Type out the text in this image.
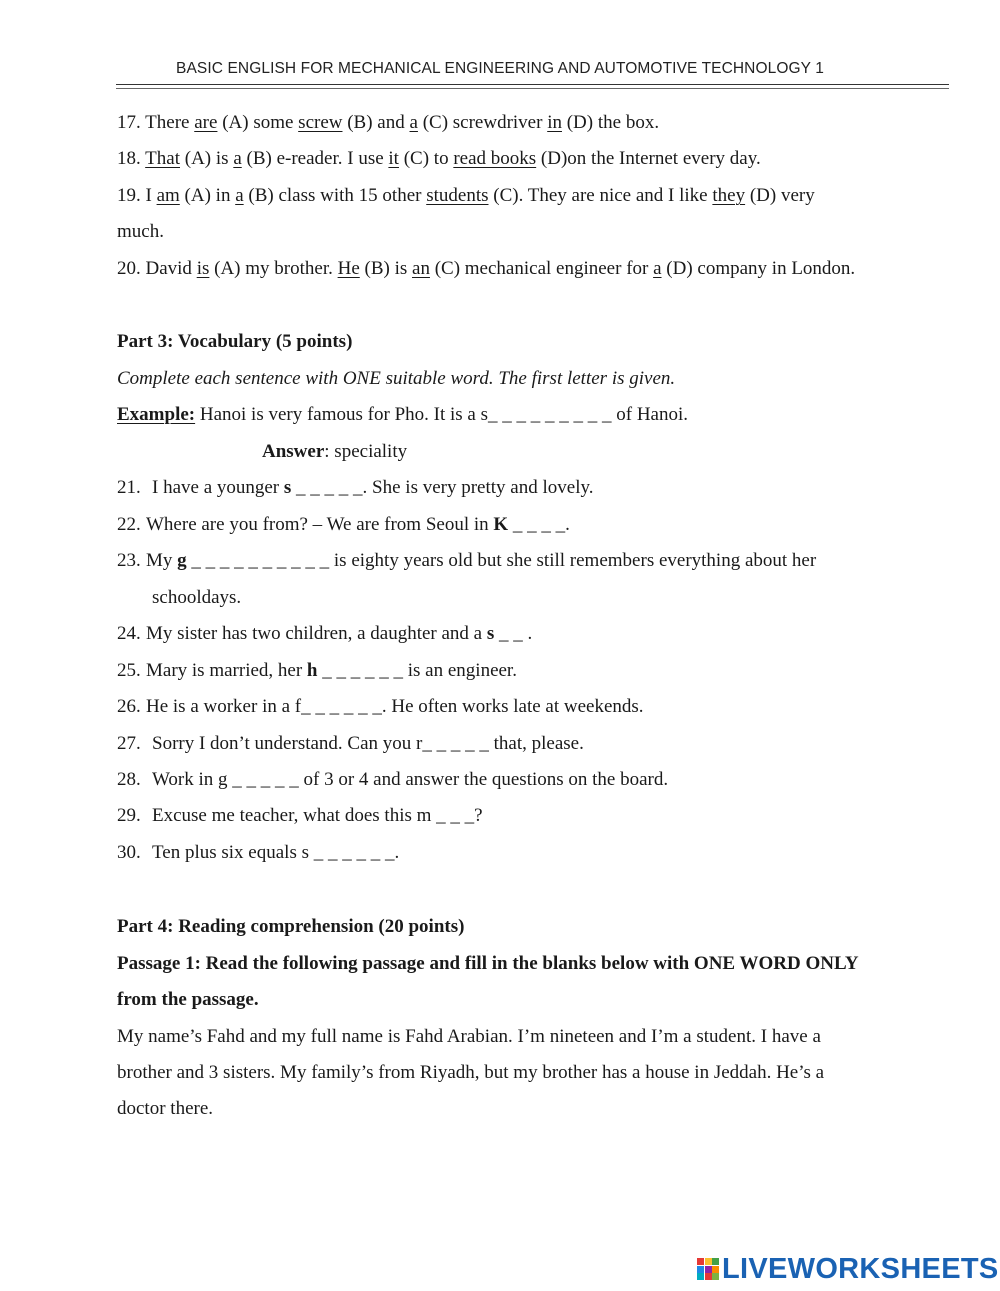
BASIC ENGLISH FOR MECHANICAL ENGINEERING AND AUTOMOTIVE TECHNOLOGY 1
17. There are (A) some screw (B) and a (C) screwdriver in (D) the box.
18. That (A) is a (B) e-reader. I use it (C) to read books (D)on the Internet every day.
19. I am (A) in a (B) class with 15 other students (C). They are nice and I like they (D) very
much.
20. David is (A) my brother. He (B) is an (C) mechanical engineer for a (D) company in London.
Part 3: Vocabulary (5 points)
Complete each sentence with ONE suitable word. The first letter is given.
Example: Hanoi is very famous for Pho. It is a s_ _ _ _ _ _ _ _ _ of Hanoi.
Answer: speciality
21. I have a younger s _ _ _ _ _. She is very pretty and lovely.
22. Where are you from? – We are from Seoul in K _ _ _ _.
23. My g _ _ _ _ _ _ _ _ _ _ is eighty years old but she still remembers everything about her
schooldays.
24. My sister has two children, a daughter and a s _ _ .
25. Mary is married, her h _ _ _ _ _ _ is an engineer.
26. He is a worker in a f_ _ _ _ _ _. He often works late at weekends.
27. Sorry I don’t understand. Can you r_ _ _ _ _ that, please.
28. Work in g _ _ _ _ _ of 3 or 4 and answer the questions on the board.
29. Excuse me teacher, what does this m _ _ _?
30. Ten plus six equals s _ _ _ _ _ _.
Part 4: Reading comprehension (20 points)
Passage 1: Read the following passage and fill in the blanks below with ONE WORD ONLY
from the passage.
My name’s Fahd and my full name is Fahd Arabian. I’m nineteen and I’m a student. I have a
brother and 3 sisters. My family’s from Riyadh, but my brother has a house in Jeddah. He’s a
doctor there.
LIVEWORKSHEETS
